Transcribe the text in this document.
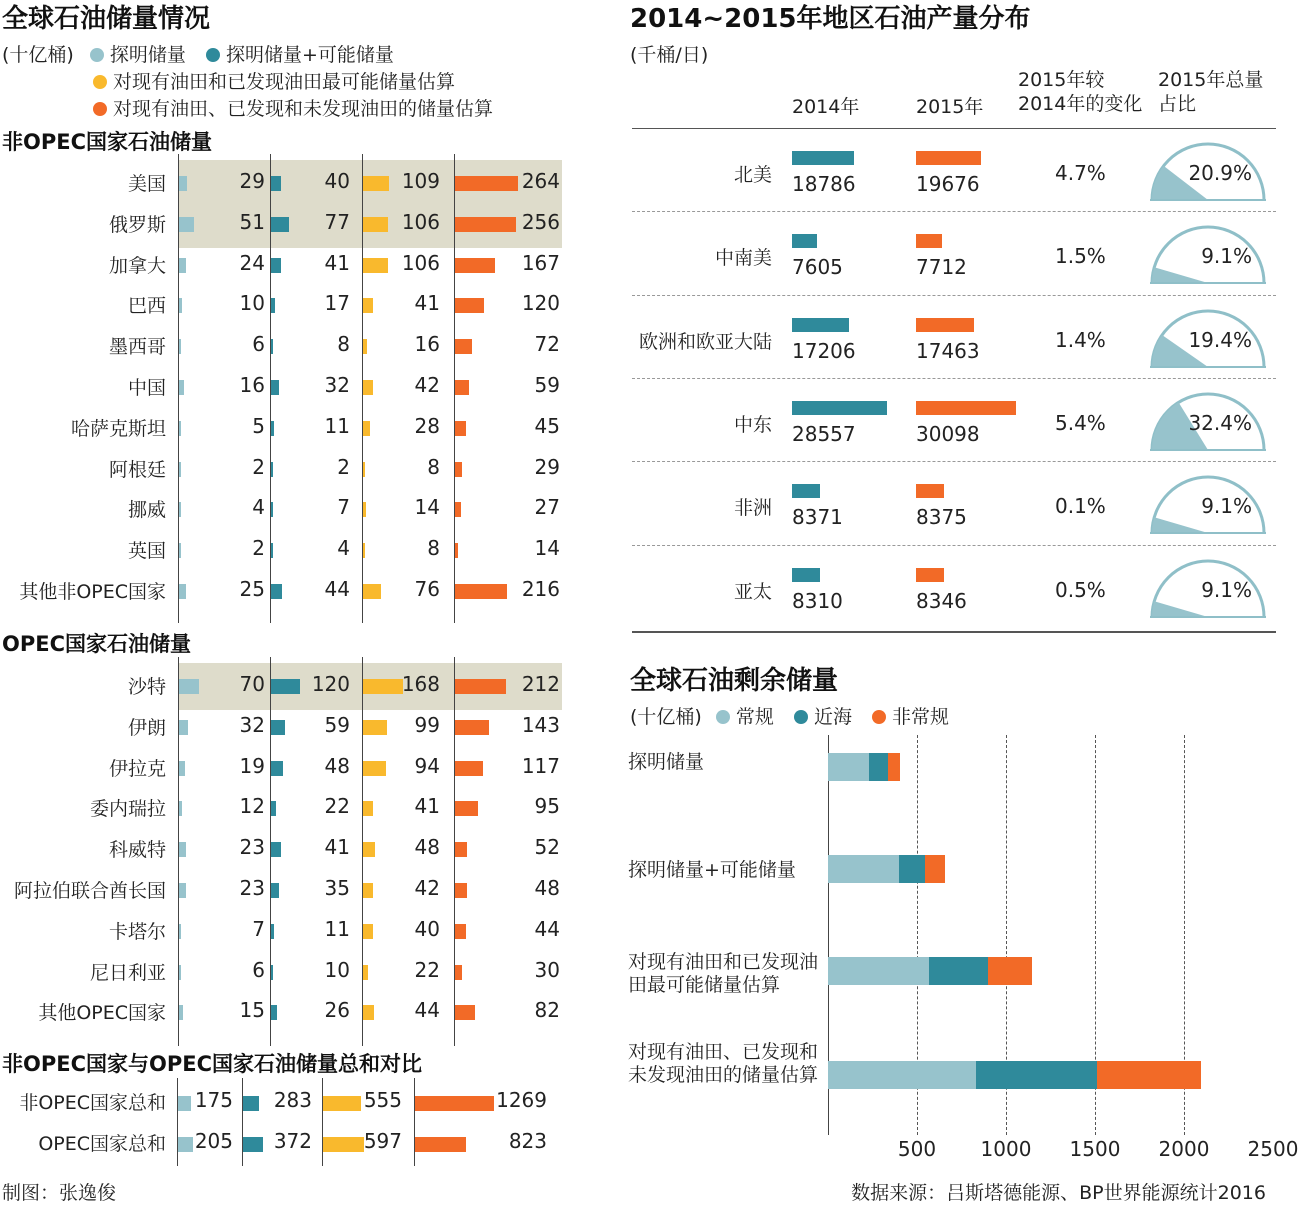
全球石油储量情况
(十亿桶) 探明储量 探明储量+可能储量
对现有油田和已发现油田最可能储量估算
对现有油田、已发现和未发现油田的储量估算
非OPEC国家石油储量
OPEC国家石油储量
非OPEC国家与OPEC国家石油储量总和对比
美国	29	40	109	264
俄罗斯	51	77	106	256
加拿大	24	41	106	167
巴西	10	17	41	120
墨西哥	6	8	16	72
中国	16	32	42	59
哈萨克斯坦	5	11	28	45
阿根廷	2	2	8	29
挪威	4	7	14	27
英国	2	4	8	14
其他非OPEC国家	25	44	76	216
沙特	70 120	168	212
伊朗	32	59	99	143
伊拉克	19	48	94	117
委内瑞拉	12	22	41	95
科威特	23	41	48	52
阿拉伯联合酋长国	23	35	42	48
卡塔尔	7	11	40	44
尼日利亚	6	10	22	30
其他OPEC国家	15	26	44	82
非OPEC国家总和 175 283	555	1269
OPEC国家总和 205 372	597	823
制图：张逸俊
2014~2015年地区石油产量分布
(千桶/日)
2014年	2015年
2015年较
2014年的变化
2015年总量
占比
北美 18786	19676	4.7%	20.9%
中南美 7605	7712	1.5%	9.1%
欧洲和欧亚大陆 17206	17463	1.4%	19.4%
中东 28557	30098	5.4%	32.4%
非洲 8371	8375	0.1%	9.1%
亚太 8310	8346	0.5%	9.1%
全球石油剩余储量
(十亿桶) 常规 近海 非常规
500	1000	1500	2000	2500
探明储量
探明储量+可能储量
对现有油田和已发现油田最可能储量估算
对现有油田、已发现和未发现油田的储量估算
数据来源：吕斯塔德能源、BP世界能源统计2016
